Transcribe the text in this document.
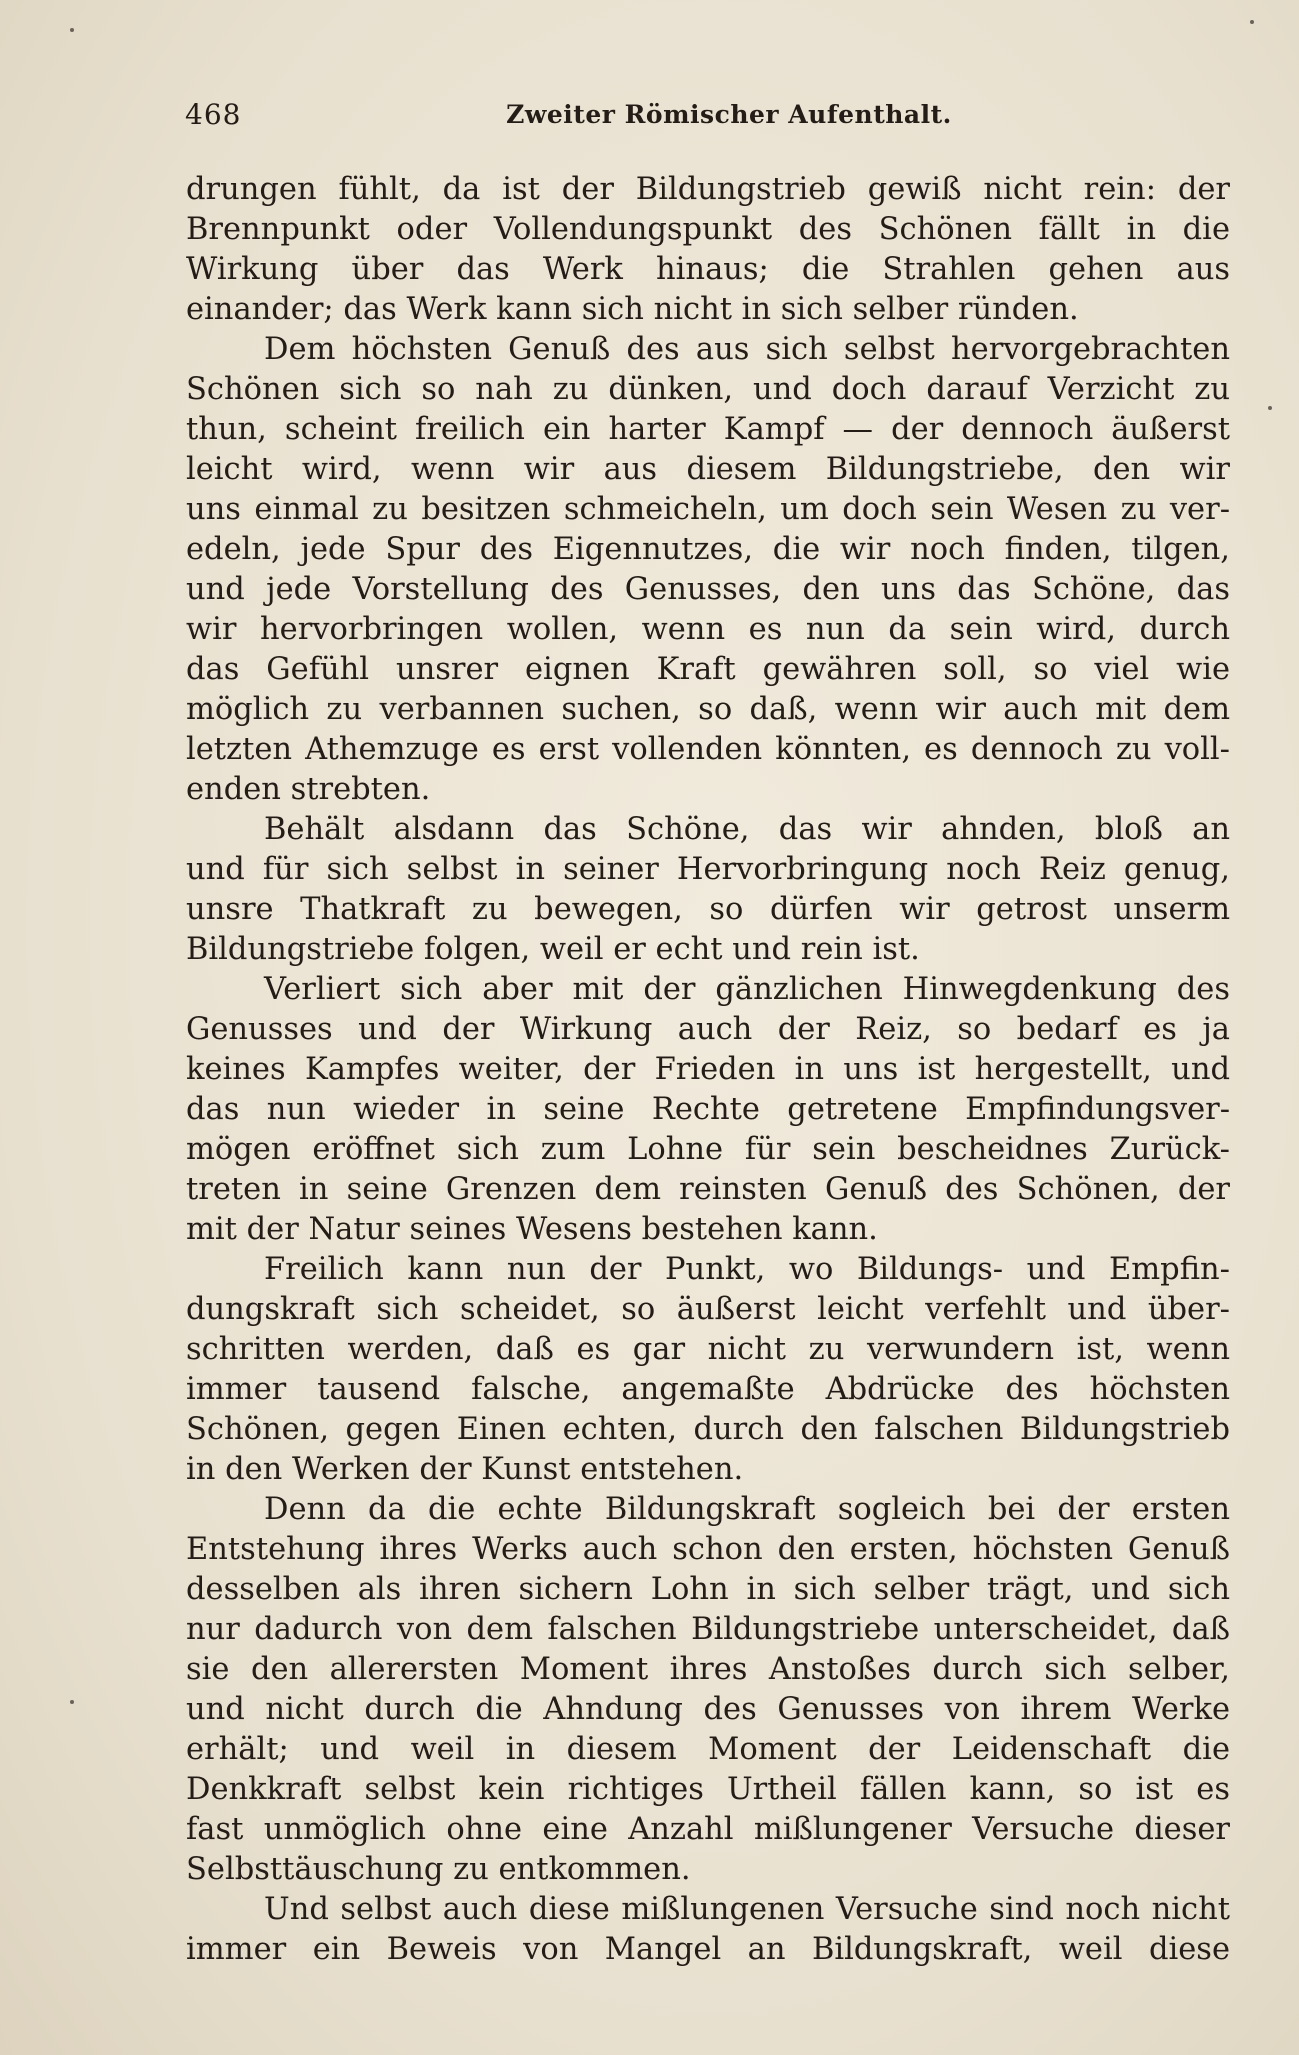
468	Zweiter Römischer Aufenthalt.
drungen fühlt, da ist der Bildungstrieb gewiß nicht rein: der
Brennpunkt oder Vollendungspunkt des Schönen fällt in die
Wirkung über das Werk hinaus; die Strahlen gehen aus
einander; das Werk kann sich nicht in sich selber ründen.
Dem höchsten Genuß des aus sich selbst hervorgebrachten
Schönen sich so nah zu dünken, und doch darauf Verzicht zu
thun, scheint freilich ein harter Kampf — der dennoch äußerst
leicht wird, wenn wir aus diesem Bildungstriebe, den wir
uns einmal zu besitzen schmeicheln, um doch sein Wesen zu ver-
edeln, jede Spur des Eigennutzes, die wir noch finden, tilgen,
und jede Vorstellung des Genusses, den uns das Schöne, das
wir hervorbringen wollen, wenn es nun da sein wird, durch
das Gefühl unsrer eignen Kraft gewähren soll, so viel wie
möglich zu verbannen suchen, so daß, wenn wir auch mit dem
letzten Athemzuge es erst vollenden könnten, es dennoch zu voll-
enden strebten.
Behält alsdann das Schöne, das wir ahnden, bloß an
und für sich selbst in seiner Hervorbringung noch Reiz genug,
unsre Thatkraft zu bewegen, so dürfen wir getrost unserm
Bildungstriebe folgen, weil er echt und rein ist.
Verliert sich aber mit der gänzlichen Hinwegdenkung des
Genusses und der Wirkung auch der Reiz, so bedarf es ja
keines Kampfes weiter, der Frieden in uns ist hergestellt, und
das nun wieder in seine Rechte getretene Empfindungsver-
mögen eröffnet sich zum Lohne für sein bescheidnes Zurück-
treten in seine Grenzen dem reinsten Genuß des Schönen, der
mit der Natur seines Wesens bestehen kann.
Freilich kann nun der Punkt, wo Bildungs- und Empfin-
dungskraft sich scheidet, so äußerst leicht verfehlt und über-
schritten werden, daß es gar nicht zu verwundern ist, wenn
immer tausend falsche, angemaßte Abdrücke des höchsten
Schönen, gegen Einen echten, durch den falschen Bildungstrieb
in den Werken der Kunst entstehen.
Denn da die echte Bildungskraft sogleich bei der ersten
Entstehung ihres Werks auch schon den ersten, höchsten Genuß
desselben als ihren sichern Lohn in sich selber trägt, und sich
nur dadurch von dem falschen Bildungstriebe unterscheidet, daß
sie den allerersten Moment ihres Anstoßes durch sich selber,
und nicht durch die Ahndung des Genusses von ihrem Werke
erhält; und weil in diesem Moment der Leidenschaft die
Denkkraft selbst kein richtiges Urtheil fällen kann, so ist es
fast unmöglich ohne eine Anzahl mißlungener Versuche dieser
Selbsttäuschung zu entkommen.
Und selbst auch diese mißlungenen Versuche sind noch nicht
immer ein Beweis von Mangel an Bildungskraft, weil diese
